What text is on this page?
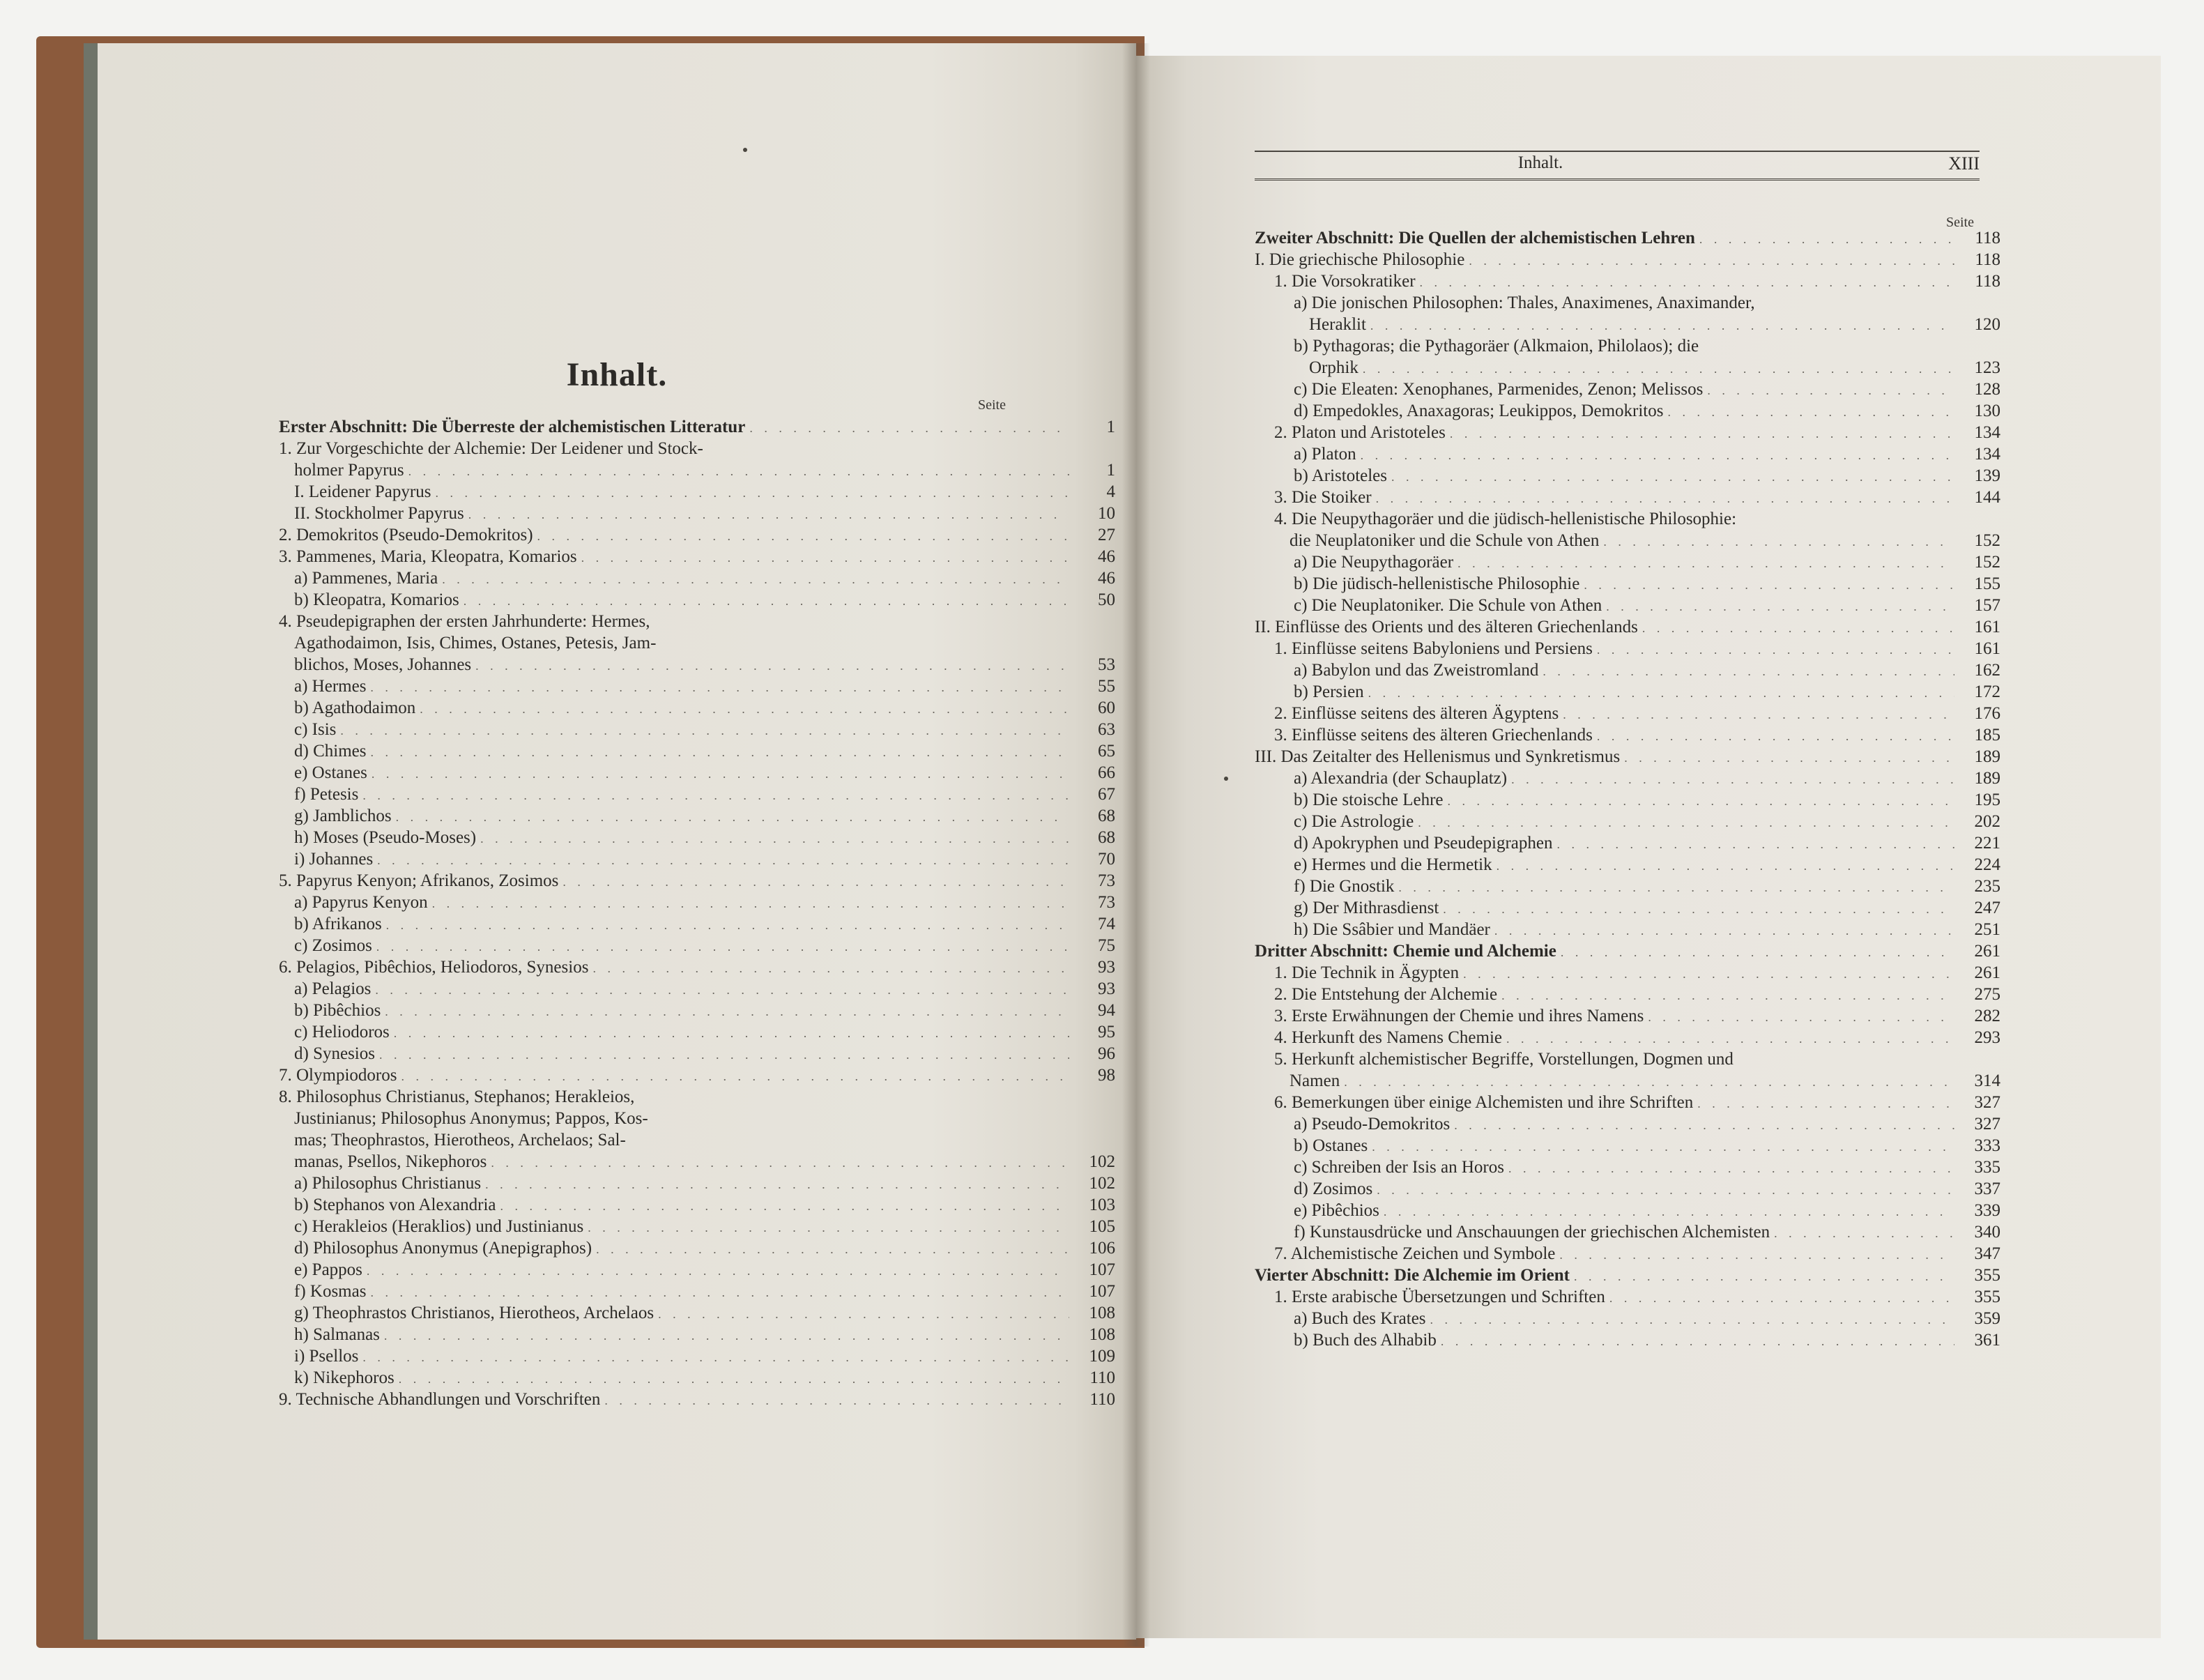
Inhalt.
Seite
Erster Abschnitt: Die Überreste der alchemistischen Litteratur . . .	1
1. Zur Vorgeschichte der Alchemie: Der Leidener und Stock-
holmer Papyrus . . .	1
I. Leidener Papyrus . . .	4
II. Stockholmer Papyrus . . .	10
2. Demokritos (Pseudo-Demokritos) . . .	27
3. Pammenes, Maria, Kleopatra, Komarios . . .	46
a) Pammenes, Maria . . .	46
b) Kleopatra, Komarios . . .	50
4. Pseudepigraphen der ersten Jahrhunderte: Hermes,
Agathodaimon, Isis, Chimes, Ostanes, Petesis, Jam-
blichos, Moses, Johannes . . .	53
a) Hermes . . .	55
b) Agathodaimon . . .	60
c) Isis . . .	63
d) Chimes . . .	65
e) Ostanes . . .	66
f) Petesis . . .	67
g) Jamblichos . . .	68
h) Moses (Pseudo-Moses) . . .	68
i) Johannes . . .	70
5. Papyrus Kenyon; Afrikanos, Zosimos . . .	73
a) Papyrus Kenyon . . .	73
b) Afrikanos . . .	74
c) Zosimos . . .	75
6. Pelagios, Pibêchios, Heliodoros, Synesios . . .	93
a) Pelagios . . .	93
b) Pibêchios . . .	94
c) Heliodoros . . .	95
d) Synesios . . .	96
7. Olympiodoros . . .	98
8. Philosophus Christianus, Stephanos; Herakleios,
Justinianus; Philosophus Anonymus; Pappos, Kos-
mas; Theophrastos, Hierotheos, Archelaos; Sal-
manas, Psellos, Nikephoros . . .	102
a) Philosophus Christianus . . .	102
b) Stephanos von Alexandria . . .	103
c) Herakleios (Heraklios) und Justinianus . . .	105
d) Philosophus Anonymus (Anepigraphos) . . .	106
e) Pappos . . .	107
f) Kosmas . . .	107
g) Theophrastos Christianos, Hierotheos, Archelaos . . .	108
h) Salmanas . . .	108
i) Psellos . . .	109
k) Nikephoros . . .	110
9. Technische Abhandlungen und Vorschriften . . .	110
Inhalt.	XIII
Seite
Zweiter Abschnitt: Die Quellen der alchemistischen Lehren . . .	118
I. Die griechische Philosophie . . .	118
1. Die Vorsokratiker . . .	118
a) Die jonischen Philosophen: Thales, Anaximenes, Anaximander,
Heraklit . . .	120
b) Pythagoras; die Pythagoräer (Alkmaion, Philolaos); die
Orphik . . .	123
c) Die Eleaten: Xenophanes, Parmenides, Zenon; Melissos . . .	128
d) Empedokles, Anaxagoras; Leukippos, Demokritos . . .	130
2. Platon und Aristoteles . . .	134
a) Platon . . .	134
b) Aristoteles . . .	139
3. Die Stoiker . . .	144
4. Die Neupythagoräer und die jüdisch-hellenistische Philosophie:
die Neuplatoniker und die Schule von Athen . . .	152
a) Die Neupythagoräer . . .	152
b) Die jüdisch-hellenistische Philosophie . . .	155
c) Die Neuplatoniker. Die Schule von Athen . . .	157
II. Einflüsse des Orients und des älteren Griechenlands . . .	161
1. Einflüsse seitens Babyloniens und Persiens . . .	161
a) Babylon und das Zweistromland . . .	162
b) Persien . . .	172
2. Einflüsse seitens des älteren Ägyptens . . .	176
3. Einflüsse seitens des älteren Griechenlands . . .	185
III. Das Zeitalter des Hellenismus und Synkretismus . . .	189
a) Alexandria (der Schauplatz) . . .	189
b) Die stoische Lehre . . .	195
c) Die Astrologie . . .	202
d) Apokryphen und Pseudepigraphen . . .	221
e) Hermes und die Hermetik . . .	224
f) Die Gnostik . . .	235
g) Der Mithrasdienst . . .	247
h) Die Ssâbier und Mandäer . . .	251
Dritter Abschnitt: Chemie und Alchemie . . .	261
1. Die Technik in Ägypten . . .	261
2. Die Entstehung der Alchemie . . .	275
3. Erste Erwähnungen der Chemie und ihres Namens . . .	282
4. Herkunft des Namens Chemie . . .	293
5. Herkunft alchemistischer Begriffe, Vorstellungen, Dogmen und
Namen . . .	314
6. Bemerkungen über einige Alchemisten und ihre Schriften . . .	327
a) Pseudo-Demokritos . . .	327
b) Ostanes . . .	333
c) Schreiben der Isis an Horos . . .	335
d) Zosimos . . .	337
e) Pibêchios . . .	339
f) Kunstausdrücke und Anschauungen der griechischen Alchemisten . . .	340
7. Alchemistische Zeichen und Symbole . . .	347
Vierter Abschnitt: Die Alchemie im Orient . . .	355
1. Erste arabische Übersetzungen und Schriften . . .	355
a) Buch des Krates . . .	359
b) Buch des Alhabib . . .	361
